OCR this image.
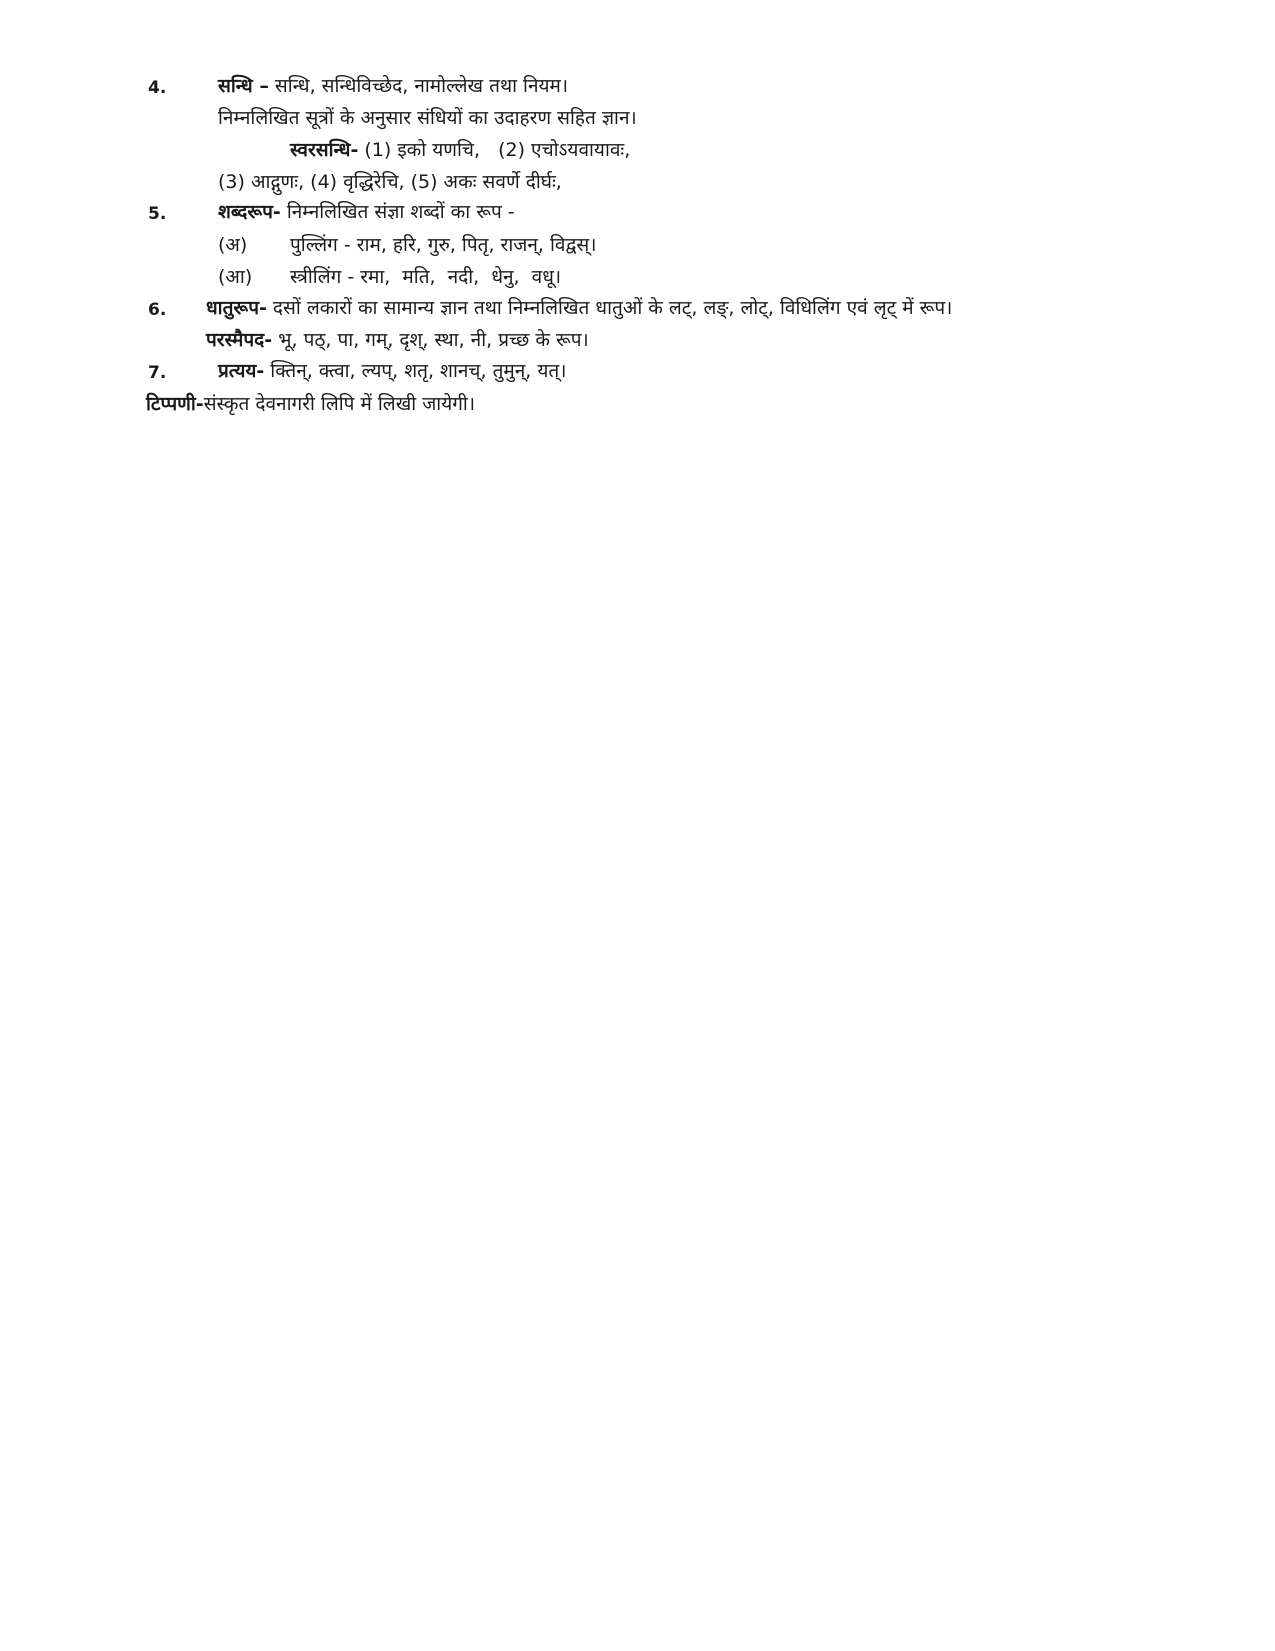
4.	सन्धि – सन्धि, सन्धिविच्छेद, नामोल्लेख तथा नियम।
निम्नलिखित सूत्रों के अनुसार संधियों का उदाहरण सहित ज्ञान।
स्वरसन्धि- (1) इको यणचि,   (2) एचोऽयवायावः,
(3) आद्गुणः, (4) वृद्धिरेचि, (5) अकः सवर्णे दीर्घः,
5.	शब्दरूप- निम्नलिखित संज्ञा शब्दों का रूप -
(अ) पुल्लिंग - राम, हरि, गुरु, पितृ, राजन्, विद्वस्।
(आ) स्त्रीलिंग - रमा,  मति,  नदी,  धेनु,  वधू।
6. धातुरूप- दसों लकारों का सामान्य ज्ञान तथा निम्नलिखित धातुओं के लट्, लङ्, लोट्, विधिलिंग एवं लृट् में रूप।
परस्मैपद- भू, पठ्, पा, गम्, दृश्, स्था, नी, प्रच्छ के रूप।
7.	प्रत्यय- क्तिन्, क्त्वा, ल्यप्, शतृ, शानच्, तुमुन्, यत्।
टिप्पणी-संस्कृत देवनागरी लिपि में लिखी जायेगी।
